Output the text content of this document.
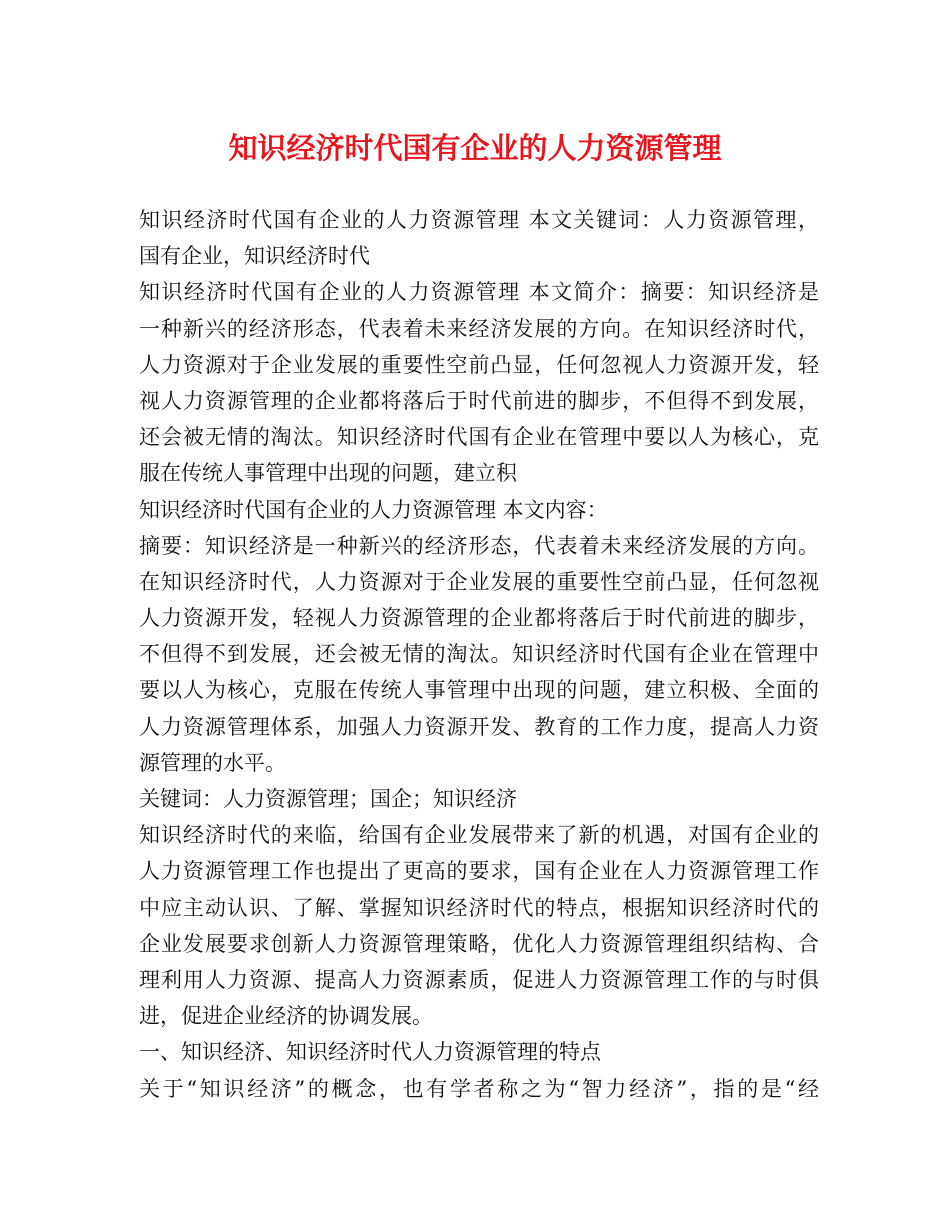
知识经济时代国有企业的人力资源管理
知识经济时代国有企业的人力资源管理 本文关键词：人力资源管理，
国有企业，知识经济时代
知识经济时代国有企业的人力资源管理 本文简介：摘要：知识经济是
一种新兴的经济形态，代表着未来经济发展的方向。在知识经济时代，
人力资源对于企业发展的重要性空前凸显，任何忽视人力资源开发，轻
视人力资源管理的企业都将落后于时代前进的脚步，不但得不到发展，
还会被无情的淘汰。知识经济时代国有企业在管理中要以人为核心，克
服在传统人事管理中出现的问题，建立积
知识经济时代国有企业的人力资源管理 本文内容：
摘要：知识经济是一种新兴的经济形态，代表着未来经济发展的方向。
在知识经济时代，人力资源对于企业发展的重要性空前凸显，任何忽视
人力资源开发，轻视人力资源管理的企业都将落后于时代前进的脚步，
不但得不到发展，还会被无情的淘汰。知识经济时代国有企业在管理中
要以人为核心，克服在传统人事管理中出现的问题，建立积极、全面的
人力资源管理体系，加强人力资源开发、教育的工作力度，提高人力资
源管理的水平。
关键词：人力资源管理；国企；知识经济
知识经济时代的来临，给国有企业发展带来了新的机遇，对国有企业的
人力资源管理工作也提出了更高的要求，国有企业在人力资源管理工作
中应主动认识、了解、掌握知识经济时代的特点，根据知识经济时代的
企业发展要求创新人力资源管理策略，优化人力资源管理组织结构、合
理利用人力资源、提高人力资源素质，促进人力资源管理工作的与时俱
进，促进企业经济的协调发展。
一、知识经济、知识经济时代人力资源管理的特点
关于“知识经济”的概念，也有学者称之为“智力经济”，指的是“经
